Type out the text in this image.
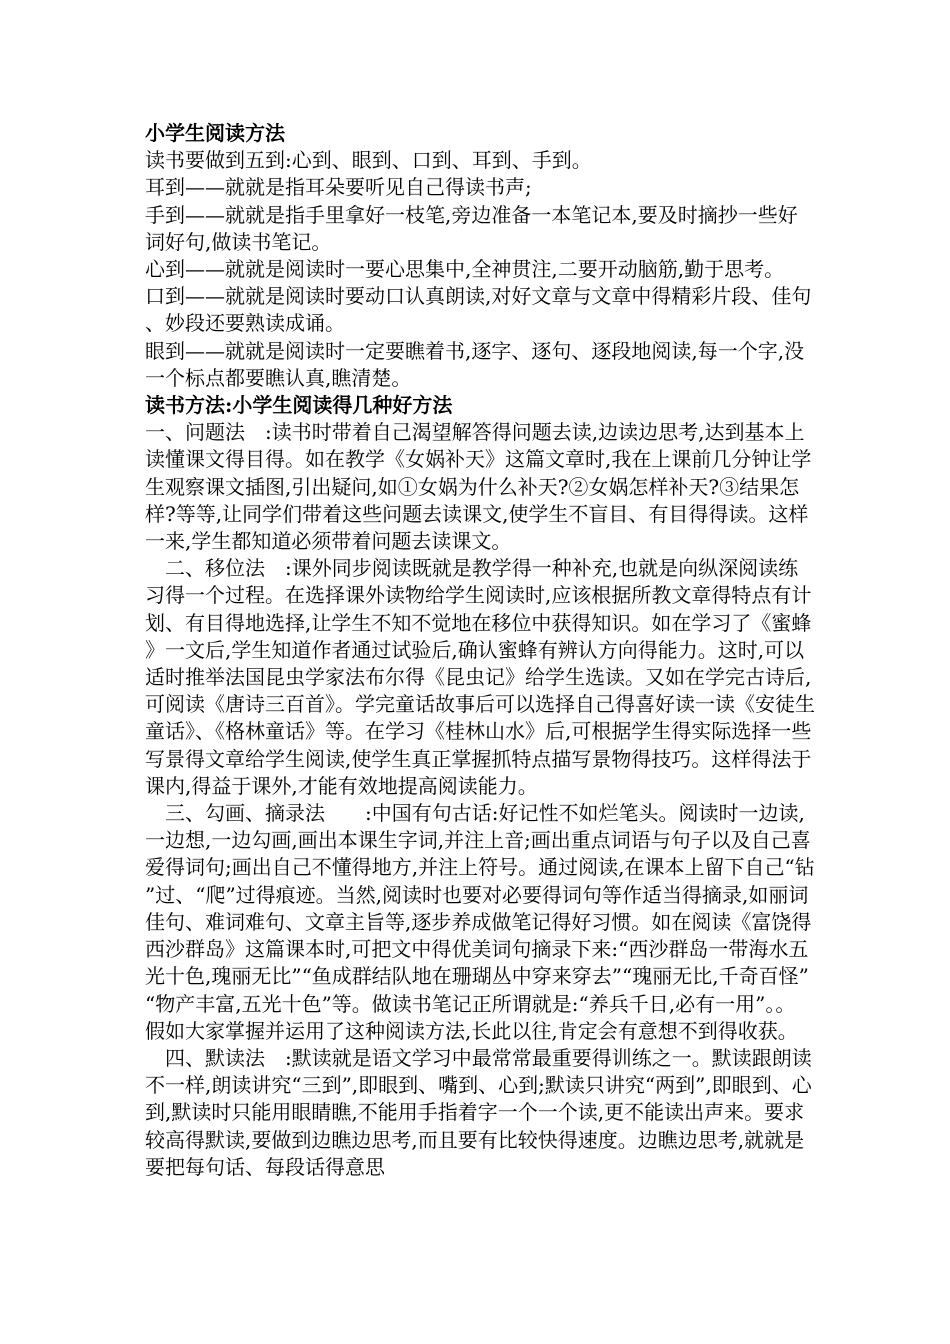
小学生阅读方法

读书要做到五到:心到、眼到、口到、耳到、手到。

耳到——就就是指耳朵要听见自己得读书声;

手到——就就是指手里拿好一枝笔,旁边准备一本笔记本,要及时摘抄一些好词好句,做读书笔记。

心到——就就是阅读时一要心思集中,全神贯注,二要开动脑筋,勤于思考。

口到——就就是阅读时要动口认真朗读,对好文章与文章中得精彩片段、佳句、妙段还要熟读成诵。

眼到——就就是阅读时一定要瞧着书,逐字、逐句、逐段地阅读,每一个字,没一个标点都要瞧认真,瞧清楚。

读书方法:小学生阅读得几种好方法

一、问题法　:读书时带着自己渴望解答得问题去读,边读边思考,达到基本上读懂课文得目得。如在教学《女娲补天》这篇文章时,我在上课前几分钟让学生观察课文插图,引出疑问,如①女娲为什么补天?②女娲怎样补天?③结果怎样?等等,让同学们带着这些问题去读课文,使学生不盲目、有目得得读。这样一来,学生都知道必须带着问题去读课文。

　二、移位法　:课外同步阅读既就是教学得一种补充,也就是向纵深阅读练习得一个过程。在选择课外读物给学生阅读时,应该根据所教文章得特点有计划、有目得地选择,让学生不知不觉地在移位中获得知识。如在学习了《蜜蜂》一文后,学生知道作者通过试验后,确认蜜蜂有辨认方向得能力。这时,可以适时推举法国昆虫学家法布尔得《昆虫记》给学生选读。又如在学完古诗后,可阅读《唐诗三百首》。学完童话故事后可以选择自己得喜好读一读《安徒生童话》、《格林童话》等。在学习《桂林山水》后,可根据学生得实际选择一些写景得文章给学生阅读,使学生真正掌握抓特点描写景物得技巧。这样得法于课内,得益于课外,才能有效地提高阅读能力。

　三、勾画、摘录法　　:中国有句古话:好记性不如烂笔头。阅读时一边读,一边想,一边勾画,画出本课生字词,并注上音;画出重点词语与句子以及自己喜爱得词句;画出自己不懂得地方,并注上符号。通过阅读,在课本上留下自己“钻”过、“爬”过得痕迹。当然,阅读时也要对必要得词句等作适当得摘录,如丽词佳句、难词难句、文章主旨等,逐步养成做笔记得好习惯。如在阅读《富饶得西沙群岛》这篇课本时,可把文中得优美词句摘录下来:“西沙群岛一带海水五光十色,瑰丽无比”“鱼成群结队地在珊瑚丛中穿来穿去”“瑰丽无比,千奇百怪”“物产丰富,五光十色”等。做读书笔记正所谓就是:“养兵千日,必有一用”。。假如大家掌握并运用了这种阅读方法,长此以往,肯定会有意想不到得收获。

　四、默读法　:默读就是语文学习中最常常最重要得训练之一。默读跟朗读不一样,朗读讲究“三到”,即眼到、嘴到、心到;默读只讲究“两到”,即眼到、心到,默读时只能用眼睛瞧,不能用手指着字一个一个读,更不能读出声来。要求较高得默读,要做到边瞧边思考,而且要有比较快得速度。边瞧边思考,就就是要把每句话、每段话得意思
